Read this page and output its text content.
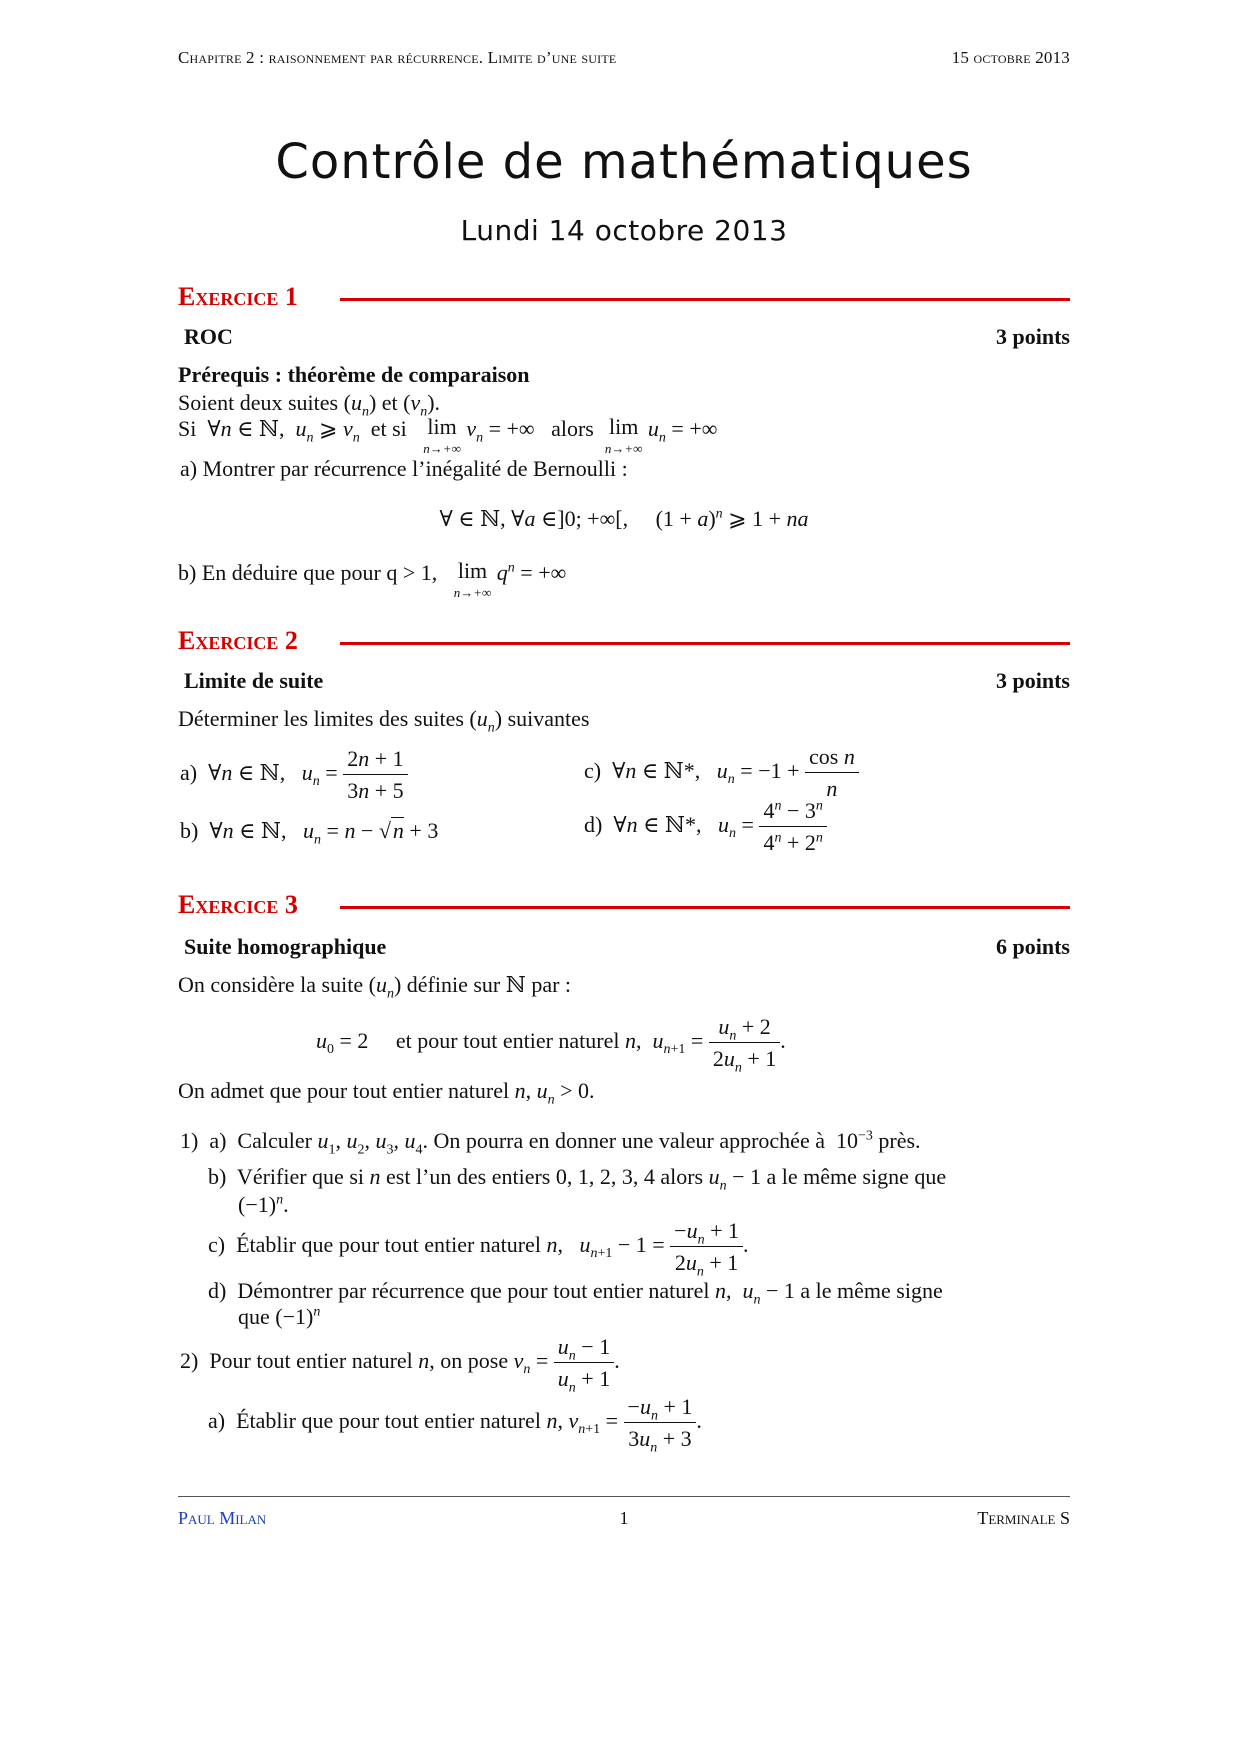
Chapitre 2 : raisonnement par récurrence. Limite d’une suite	15 octobre 2013
Contrôle de mathématiques
Lundi 14 octobre 2013
Exercice 1
ROC	3 points
Prérequis : théorème de comparaison
Soient deux suites $(u_n)$ et $(v_n)$.
Si  ∀n ∈ ℕ,  $u_n$ ⩾ $v_n$  et si lim
n→+∞
$v_n$ = +∞   alors lim
n→+∞
$u_n$ = +∞
a) Montrer par récurrence l’inégalité de Bernoulli :
∀ ∈ ℕ, ∀a ∈]0; +∞[,     $(1 + a)^n$ ⩾ 1 + na
b) En déduire que pour q > 1, lim
n→+∞
$q^n$ = +∞
Exercice 2
Limite de suite	3 points
Déterminer les limites des suites $(u_n)$ suivantes
a)  ∀n ∈ ℕ,   $u_n = \frac{2n + 1}{3n + 5}$	c)  ∀n ∈ ℕ*,   $u_n = -1 + \frac{\text{cos n}}{n}$
b)  ∀n ∈ ℕ,   $u_n = n - √n + 3$	d)  ∀n ∈ ℕ*,   $u_n = \frac{4^n - 3^n}{4^n + 2^n}$
Exercice 3
Suite homographique	6 points
On considère la suite $(u_n)$ définie sur ℕ par :
$u_0 = 2$     et pour tout entier naturel n,  $u_{n+1} = \frac{u_n + 2}{2u_n + 1}$ .
On admet que pour tout entier naturel n, $u_n > 0$.
1)  a)  Calculer $u_1$, $u_2$, $u_3$, $u_4$. On pourra en donner une valeur approchée à  $10^{-3}$ près.
b)  Vérifier que si n est l’un des entiers 0, 1, 2, 3, 4 alors $u_n - 1$ a le même signe que
$(-1)^n$.
c)  Établir que pour tout entier naturel n,   $u_{n+1} - 1 = \frac{-u_n + 1}{2u_n + 1}$ .
d)  Démontrer par récurrence que pour tout entier naturel n,  $u_n - 1$ a le même signe
que $(-1)^n$
2)  Pour tout entier naturel n, on pose $v_n = \frac{u_n - 1}{u_n + 1}$ .
a)  Établir que pour tout entier naturel n, $v_{n+1} = \frac{-u_n + 1}{3u_n + 3}$ .
Paul Milan	1	Terminale S
